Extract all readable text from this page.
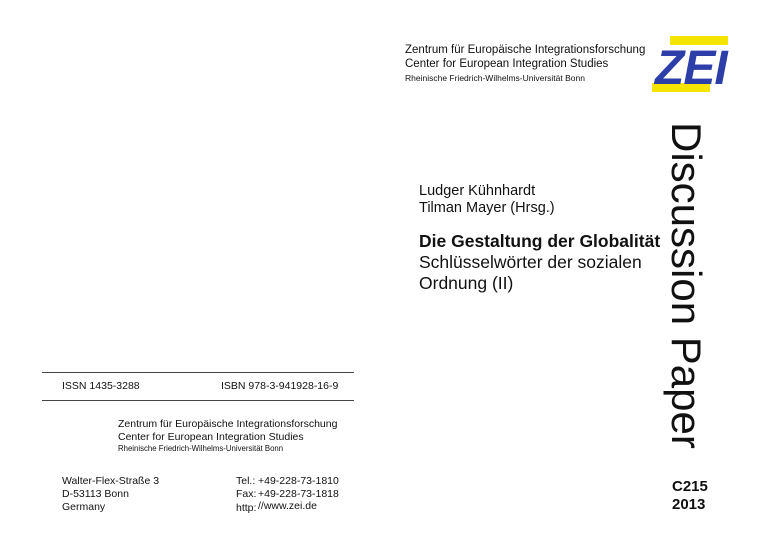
Zentrum für Europäische Integrationsforschung
Center for European Integration Studies
Rheinische Friedrich-Wilhelms-Universität Bonn ZEI
Ludger Kühnhardt
Tilman Mayer (Hrsg.)
Die Gestaltung der Globalität
Schlüsselwörter der sozialen
Ordnung (II)	Discussion Paper
C215
2013
ISSN 1435-3288	ISBN 978-3-941928-16-9
Zentrum für Europäische Integrationsforschung
Center for European Integration Studies
Rheinische Friedrich-Wilhelms-Universität Bonn
Walter-Flex-Straße 3
D-53113 Bonn
Germany
Tel.: +49-228-73-1810
Fax: +49-228-73-1818
http: //www.zei.de
